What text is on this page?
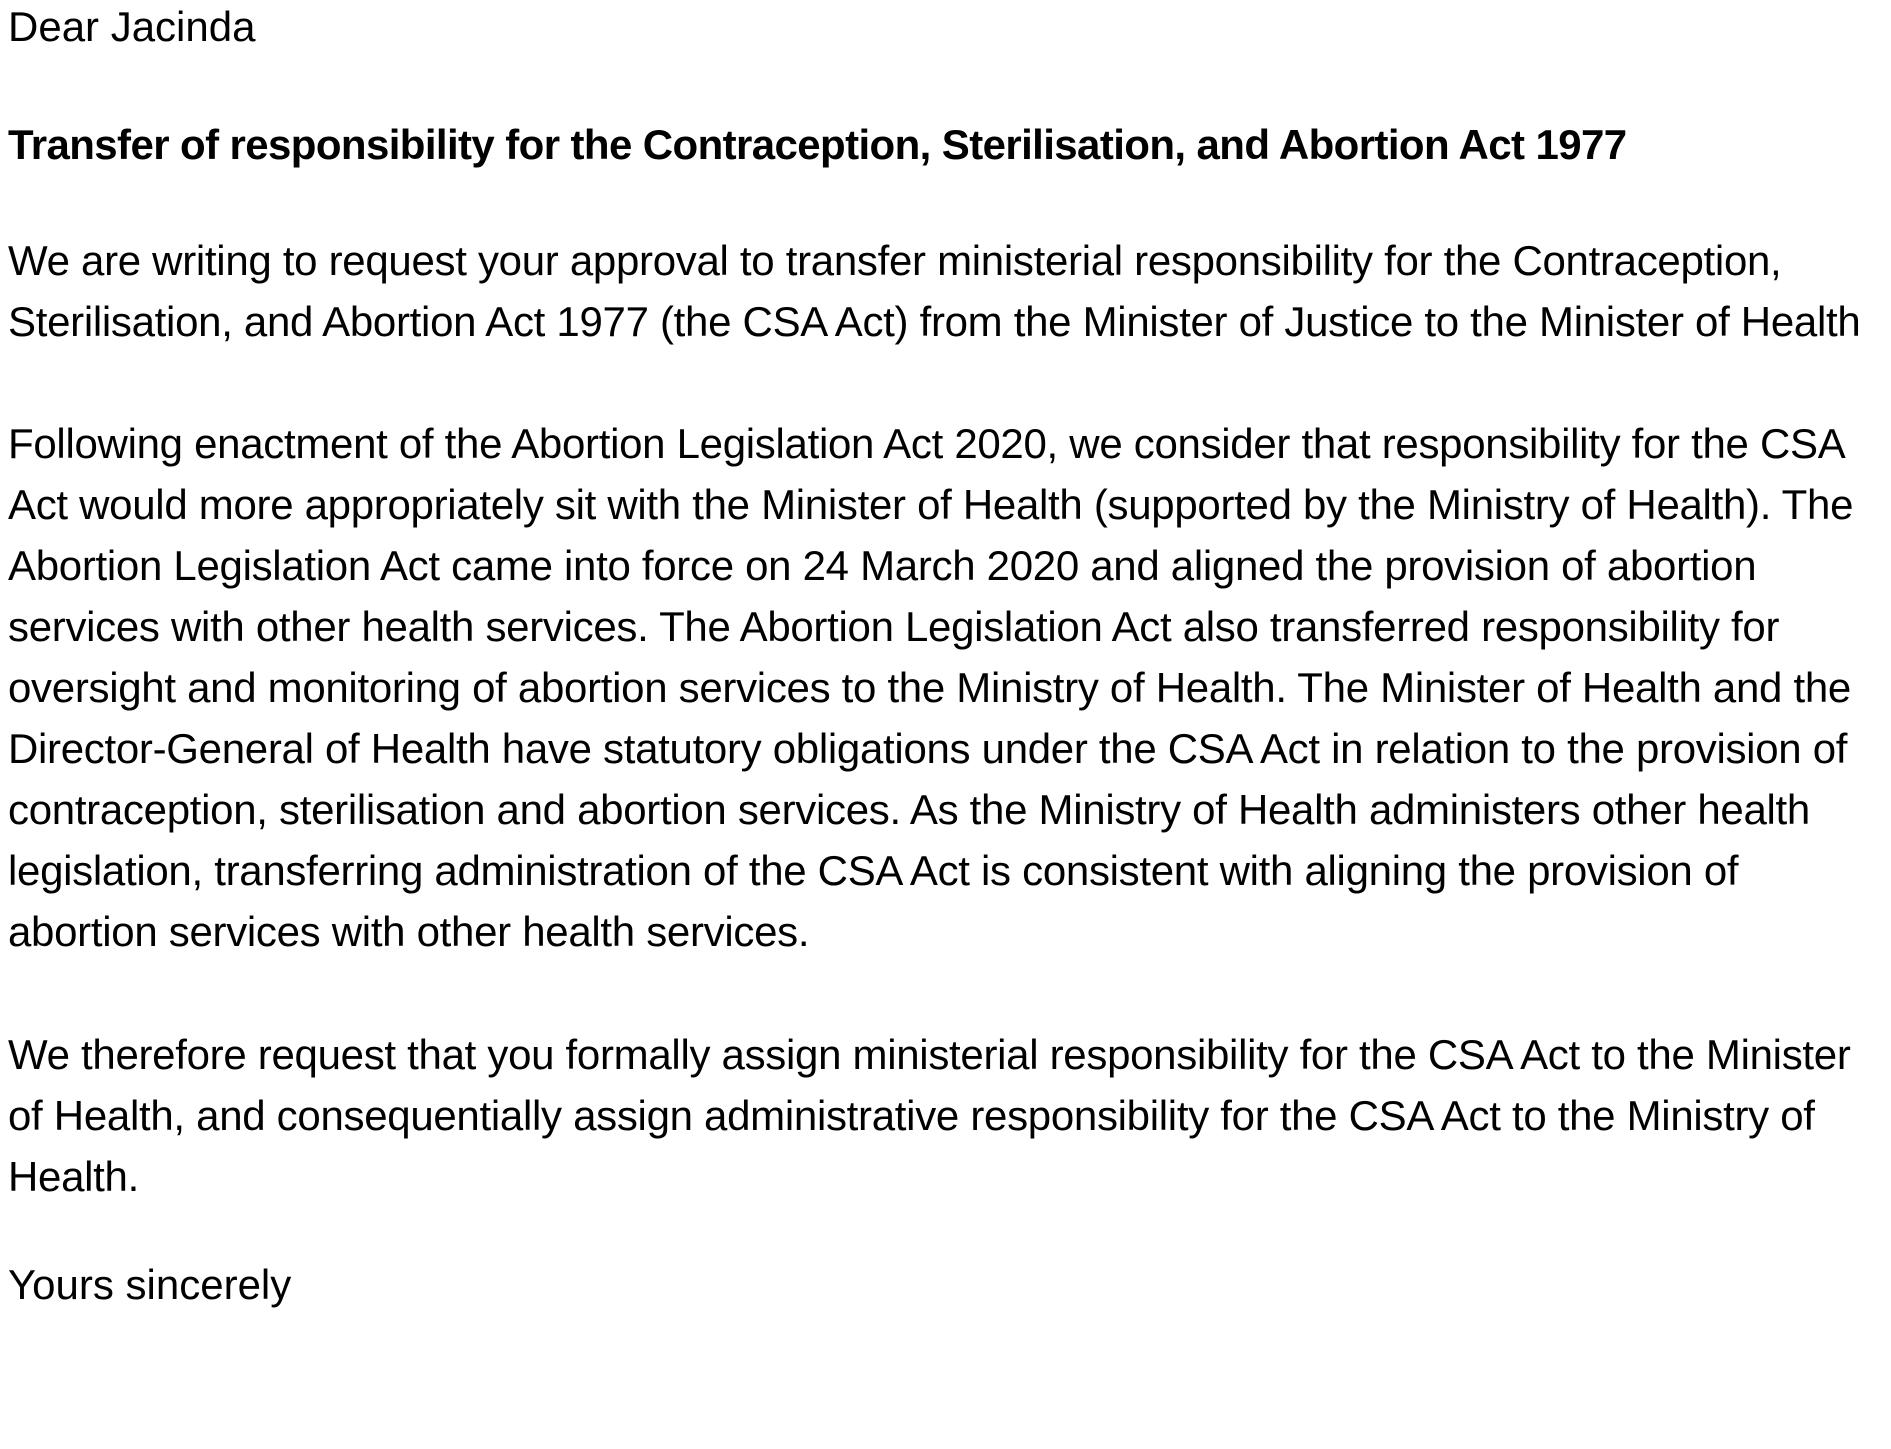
Dear Jacinda

Transfer of responsibility for the Contraception, Sterilisation, and Abortion Act 1977

We are writing to request your approval to transfer ministerial responsibility for the Contraception, Sterilisation, and Abortion Act 1977 (the CSA Act) from the Minister of Justice to the Minister of Health

Following enactment of the Abortion Legislation Act 2020, we consider that responsibility for the CSA Act would more appropriately sit with the Minister of Health (supported by the Ministry of Health). The Abortion Legislation Act came into force on 24 March 2020 and aligned the provision of abortion services with other health services. The Abortion Legislation Act also transferred responsibility for oversight and monitoring of abortion services to the Ministry of Health. The Minister of Health and the Director-General of Health have statutory obligations under the CSA Act in relation to the provision of contraception, sterilisation and abortion services. As the Ministry of Health administers other health legislation, transferring administration of the CSA Act is consistent with aligning the provision of abortion services with other health services.

We therefore request that you formally assign ministerial responsibility for the CSA Act to the Minister of Health, and consequentially assign administrative responsibility for the CSA Act to the Ministry of Health.

Yours sincerely
